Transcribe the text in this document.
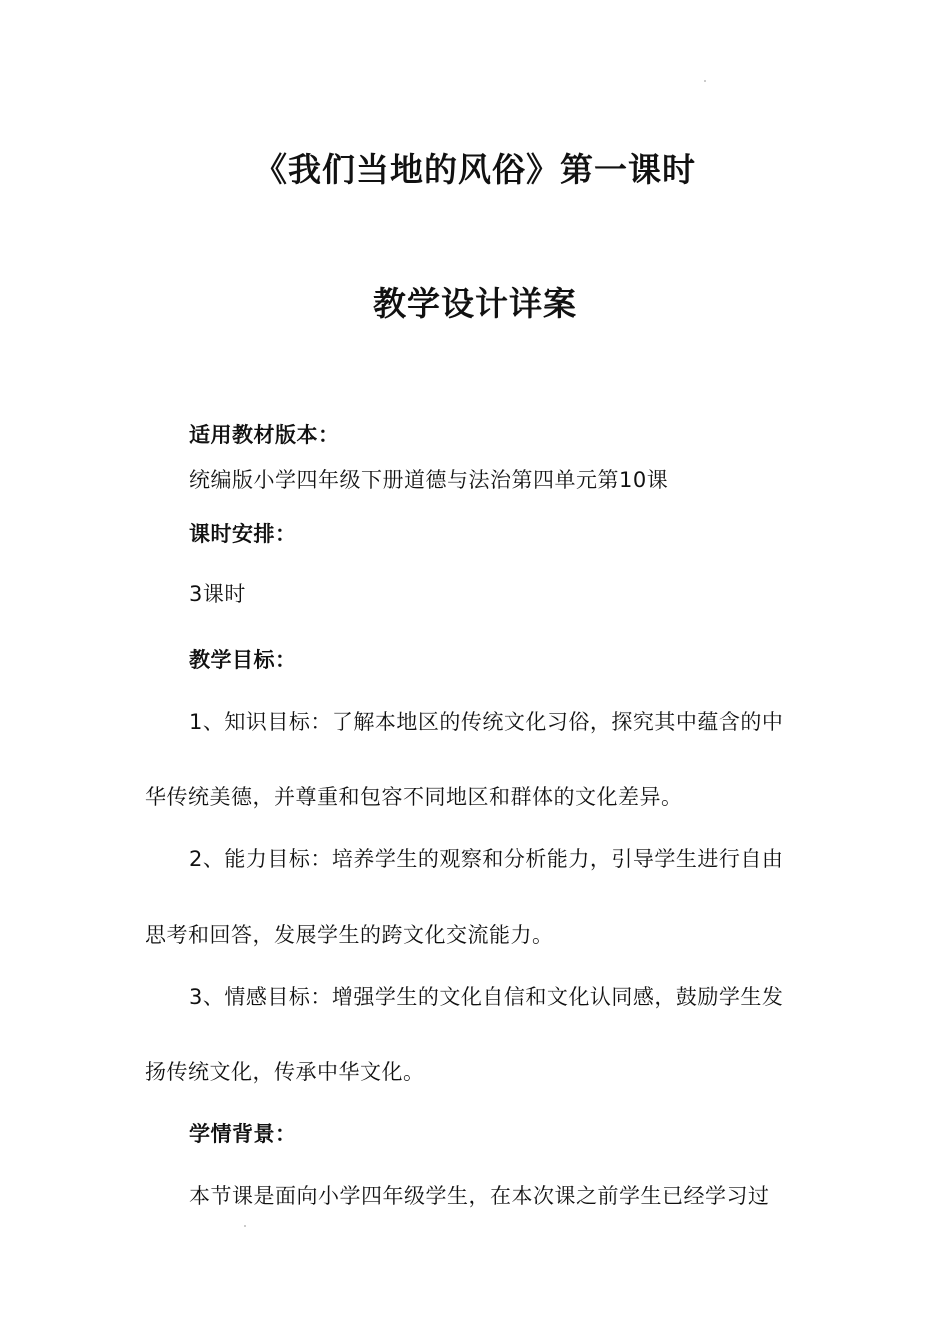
《我们当地的风俗》第一课时
教学设计详案
适用教材版本：
统编版小学四年级下册道德与法治第四单元第10课
课时安排：
3课时
教学目标：
1、知识目标：了解本地区的传统文化习俗，探究其中蕴含的中
华传统美德，并尊重和包容不同地区和群体的文化差异。
2、能力目标：培养学生的观察和分析能力，引导学生进行自由
思考和回答，发展学生的跨文化交流能力。
3、情感目标：增强学生的文化自信和文化认同感，鼓励学生发
扬传统文化，传承中华文化。
学情背景：
本节课是面向小学四年级学生，在本次课之前学生已经学习过
